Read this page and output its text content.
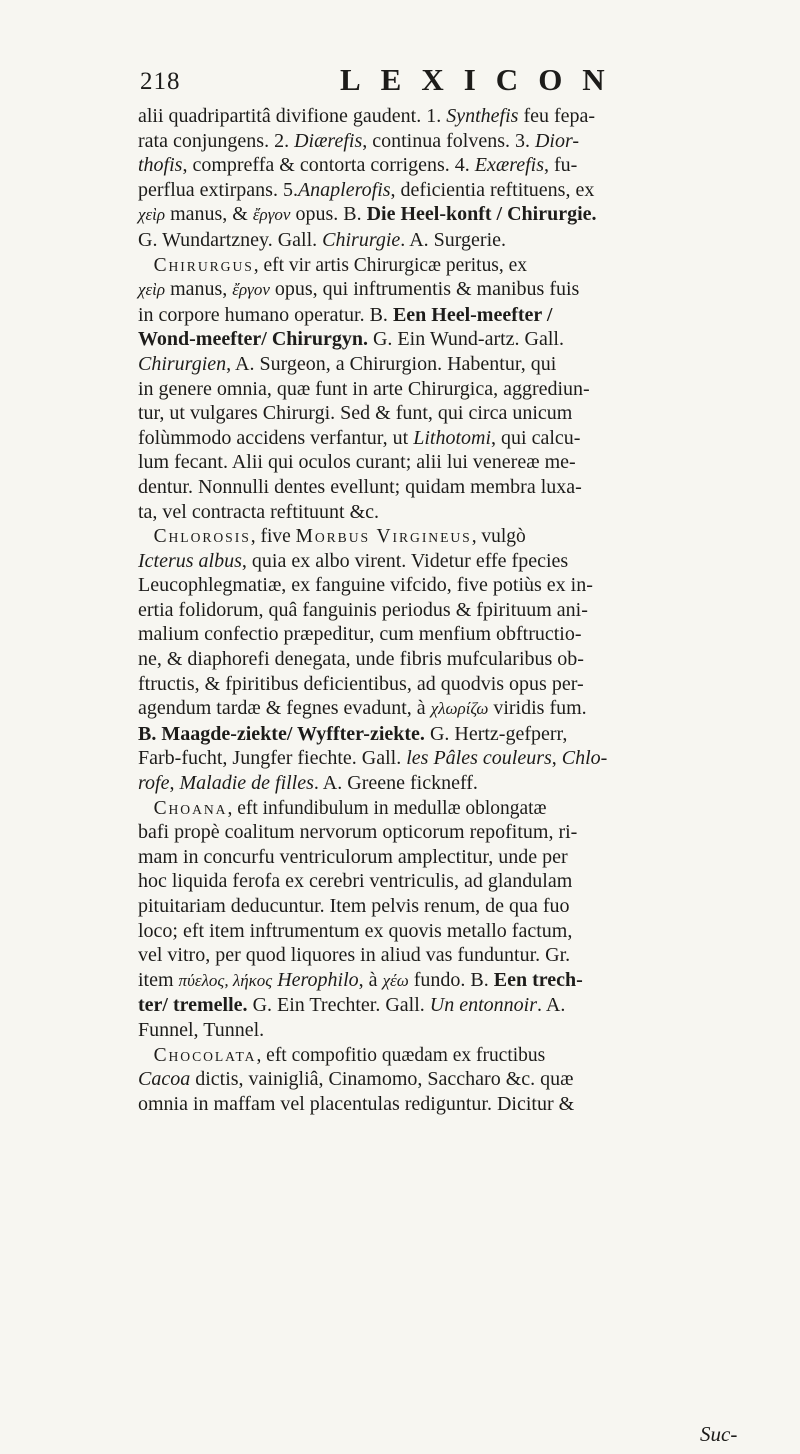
218	LEXICON
alii quadripartitâ divifione gaudent. 1. Synthefis feu fepa-
rata conjungens. 2. Diærefis, continua folvens. 3. Dior-
thofis, compreffa & contorta corrigens. 4. Exærefis, fu-
perflua extirpans. 5.Anaplerofis, deficientia reftituens, ex
χεὶρ manus, & ἔργον opus. B. Die Heel-konft / Chirurgie.
G. Wundartzney. Gall. Chirurgie. A. Surgerie.
Chirurgus, eft vir artis Chirurgicæ peritus, ex
χεὶρ manus, ἔργον opus, qui inftrumentis & manibus fuis
in corpore humano operatur. B. Een Heel-meefter /
Wond-meefter/ Chirurgyn. G. Ein Wund-artz. Gall.
Chirurgien, A. Surgeon, a Chirurgion. Habentur, qui
in genere omnia, quæ funt in arte Chirurgica, aggrediun-
tur, ut vulgares Chirurgi. Sed & funt, qui circa unicum
folùmmodo accidens verfantur, ut Lithotomi, qui calcu-
lum fecant. Alii qui oculos curant; alii lui venereæ me-
dentur. Nonnulli dentes evellunt; quidam membra luxa-
ta, vel contracta reftituunt &c.
Chlorosis, five Morbus Virgineus, vulgò
Icterus albus, quia ex albo virent. Videtur effe fpecies
Leucophlegmatiæ, ex fanguine vifcido, five potiùs ex in-
ertia folidorum, quâ fanguinis periodus & fpirituum ani-
malium confectio præpeditur, cum menfium obftructio-
ne, & diaphorefi denegata, unde fibris mufcularibus ob-
ftructis, & fpiritibus deficientibus, ad quodvis opus per-
agendum tardæ & fegnes evadunt, à χλωρίζω viridis fum.
B. Maagde-ziekte/ Wyffter-ziekte. G. Hertz-gefperr,
Farb-fucht, Jungfer fiechte. Gall. les Pâles couleurs, Chlo-
rofe, Maladie de filles. A. Greene fickneff.
Choana, eft infundibulum in medullæ oblongatæ
bafi propè coalitum nervorum opticorum repofitum, ri-
mam in concurfu ventriculorum amplectitur, unde per
hoc liquida ferofa ex cerebri ventriculis, ad glandulam
pituitariam deducuntur. Item pelvis renum, de qua fuo
loco; eft item inftrumentum ex quovis metallo factum,
vel vitro, per quod liquores in aliud vas funduntur. Gr.
item πύελος, λήκος Herophilo, à χέω fundo. B. Een trech-
ter/ tremelle. G. Ein Trechter. Gall. Un entonnoir. A.
Funnel, Tunnel.
Chocolata, eft compofitio quædam ex fructibus
Cacoa dictis, vainigliâ, Cinamomo, Saccharo &c. quæ
omnia in maffam vel placentulas rediguntur. Dicitur &
Suc-
